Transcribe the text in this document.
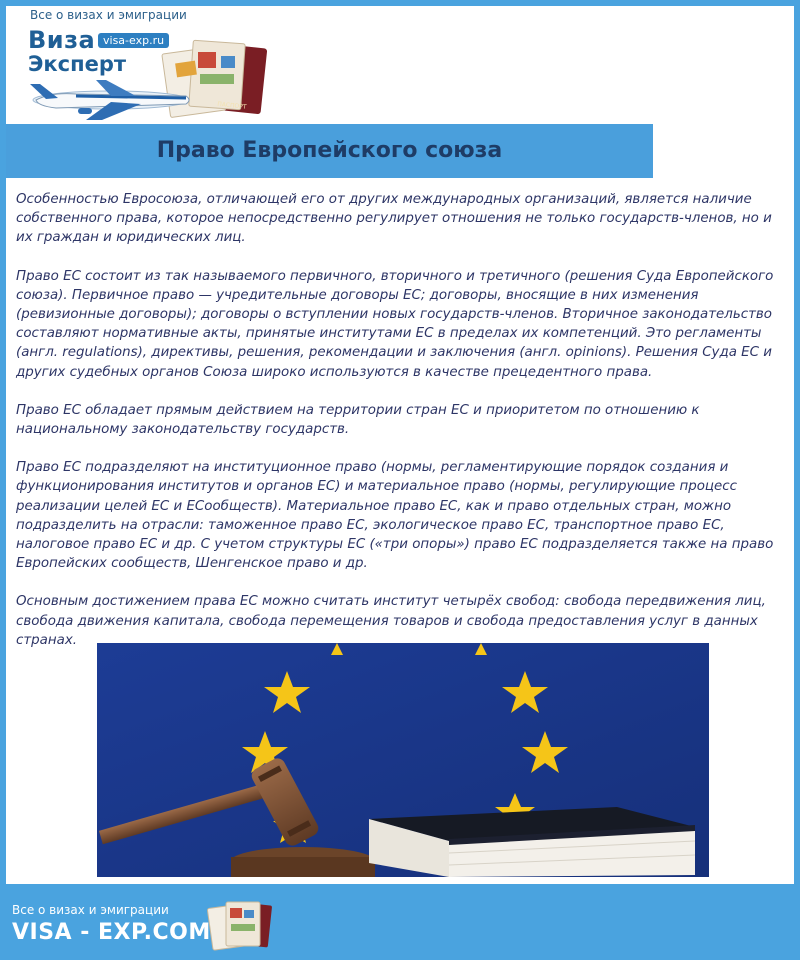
Все о визах и эмиграции
ПАСПОРТ
Виза
Эксперт
visa-exp.ru
Право Европейского союза

Особенностью Евросоюза, отличающей его от других международных организаций, является наличие собственного права, которое непосредственно регулирует отношения не только государств-членов, но и их граждан и юридических лиц.

Право ЕС состоит из так называемого первичного, вторичного и третичного (решения Суда Европейского союза). Первичное право — учредительные договоры ЕС; договоры, вносящие в них изменения (ревизионные договоры); договоры о вступлении новых государств-членов. Вторичное законодательство составляют нормативные акты, принятые институтами ЕС в пределах их компетенций. Это регламенты (англ. regulations), директивы, решения, рекомендации и заключения (англ. opinions). Решения Суда ЕС и других судебных органов Союза широко используются в качестве прецедентного права.

Право ЕС обладает прямым действием на территории стран ЕС и приоритетом по отношению к национальному законодательству государств.

Право ЕС подразделяют на институционное право (нормы, регламентирующие порядок создания и функционирования институтов и органов ЕС) и материальное право (нормы, регулирующие процесс реализации целей ЕС и ЕСообществ). Материальное право ЕС, как и право отдельных стран, можно подразделить на отрасли: таможенное право ЕС, экологическое право ЕС, транспортное право ЕС, налоговое право ЕС и др. С учетом структуры ЕС («три опоры») право ЕС подразделяется также на право Европейских сообществ, Шенгенское право и др.

Основным достижением права ЕС можно считать институт четырёх свобод: свобода передвижения лиц, свобода движения капитала, свобода перемещения товаров и свобода предоставления услуг в данных странах.

Все о визах и эмиграции
VISA - EXP.COM
